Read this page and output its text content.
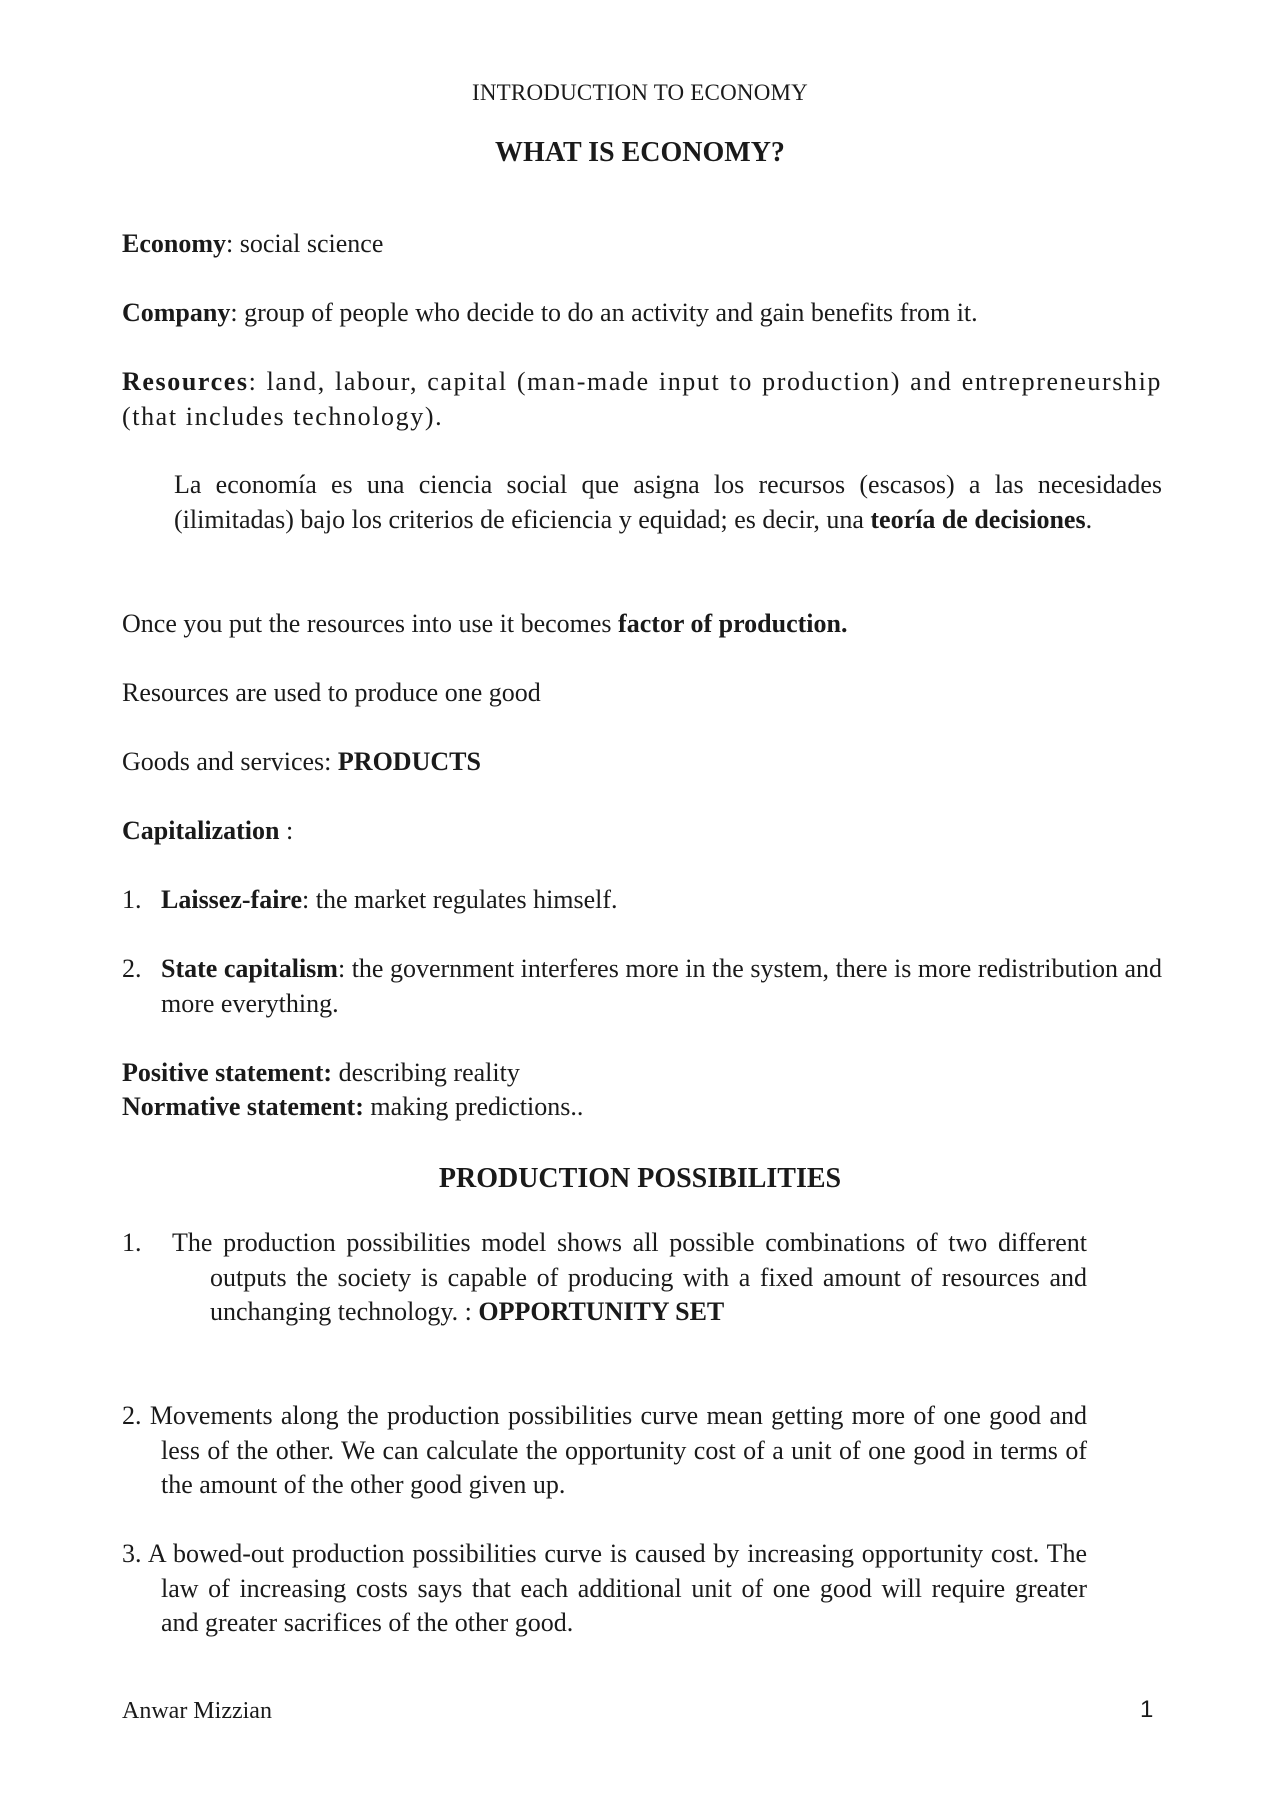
INTRODUCTION TO ECONOMY
WHAT IS ECONOMY?
Economy: social science
Company: group of people who decide to do an activity and gain benefits from it.
Resources: land, labour, capital (man-made input to production) and entrepreneurship (that includes technology).
La economía es una ciencia social que asigna los recursos (escasos) a las necesidades (ilimitadas) bajo los criterios de eficiencia y equidad; es decir, una teoría de decisiones.
Once you put the resources into use it becomes factor of production.
Resources are used to produce one good
Goods and services: PRODUCTS
Capitalization :
1. Laissez-faire: the market regulates himself.
2. State capitalism: the government interferes more in the system, there is more redistribution and more everything.
Positive statement: describing reality
Normative statement: making predictions..
PRODUCTION POSSIBILITIES
1. The production possibilities model shows all possible combinations of two different outputs the society is capable of producing with a fixed amount of resources and unchanging technology. : OPPORTUNITY SET
2. Movements along the production possibilities curve mean getting more of one good and less of the other. We can calculate the opportunity cost of a unit of one good in terms of the amount of the other good given up.
3. A bowed-out production possibilities curve is caused by increasing opportunity cost. The law of increasing costs says that each additional unit of one good will require greater and greater sacrifices of the other good.
Anwar Mizzian	1
